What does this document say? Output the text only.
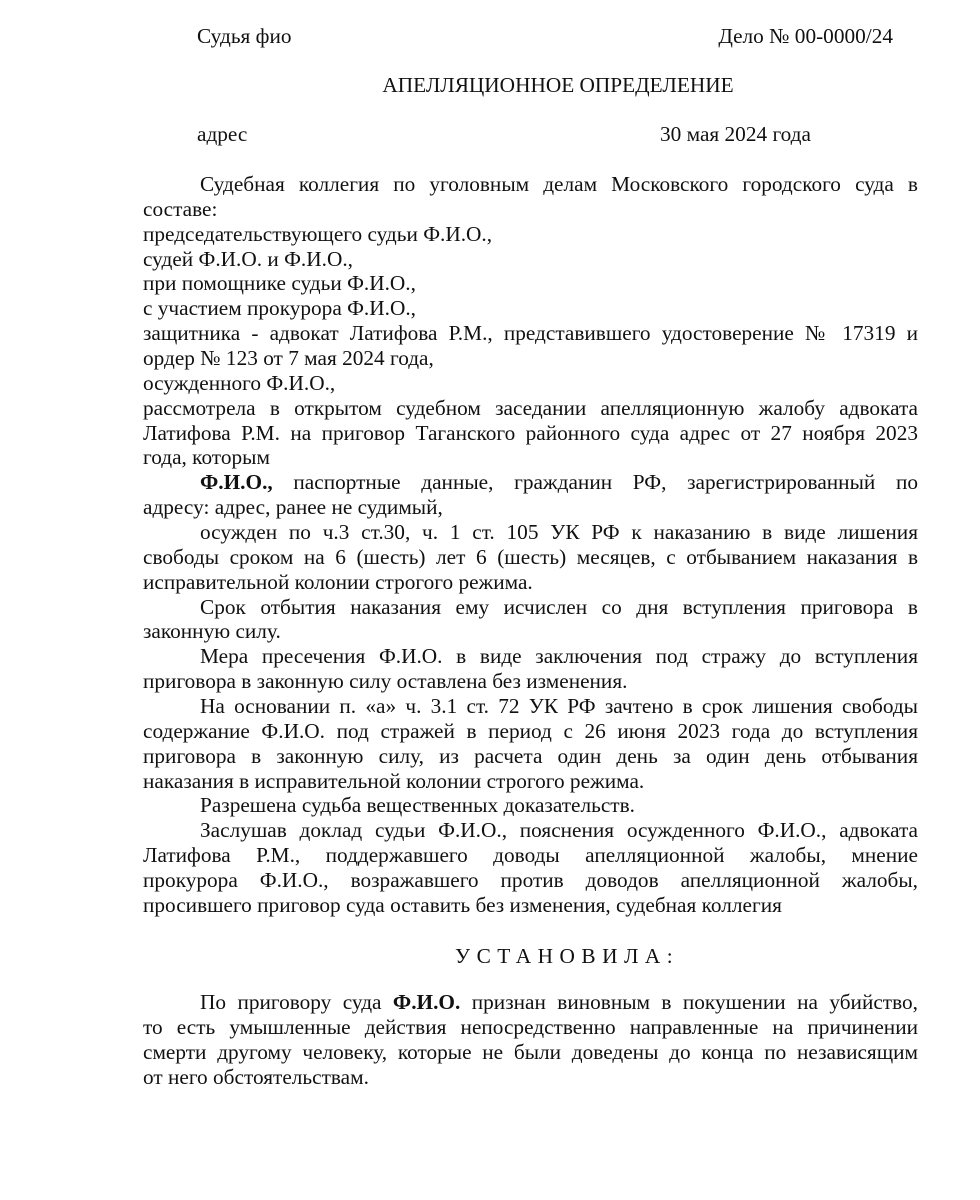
Судья фио	Дело № 00-0000/24
АПЕЛЛЯЦИОННОЕ ОПРЕДЕЛЕНИЕ
адрес	30 мая 2024 года
Судебная коллегия по уголовным делам Московского городского суда в
составе:
председательствующего судьи Ф.И.О.,
судей Ф.И.О. и Ф.И.О.,
при помощнике судьи Ф.И.О.,
с участием прокурора Ф.И.О.,
защитника - адвокат Латифова Р.М., представившего удостоверение № 17319 и
ордер № 123 от 7 мая 2024 года,
осужденного Ф.И.О.,
рассмотрела в открытом судебном заседании апелляционную жалобу адвоката
Латифова Р.М. на приговор Таганского районного суда адрес от 27 ноября 2023
года, которым
Ф.И.О., паспортные данные, гражданин РФ, зарегистрированный по
адресу: адрес, ранее не судимый,
осужден по ч.3 ст.30, ч. 1 ст. 105 УК РФ к наказанию в виде лишения
свободы сроком на 6 (шесть) лет 6 (шесть) месяцев, с отбыванием наказания в
исправительной колонии строгого режима.
Срок отбытия наказания ему исчислен со дня вступления приговора в
законную силу.
Мера пресечения Ф.И.О. в виде заключения под стражу до вступления
приговора в законную силу оставлена без изменения.
На основании п. «а» ч. 3.1 ст. 72 УК РФ зачтено в срок лишения свободы
содержание Ф.И.О. под стражей в период с 26 июня 2023 года до вступления
приговора в законную силу, из расчета один день за один день отбывания
наказания в исправительной колонии строгого режима.
Разрешена судьба вещественных доказательств.
Заслушав доклад судьи Ф.И.О., пояснения осужденного Ф.И.О., адвоката
Латифова Р.М., поддержавшего доводы апелляционной жалобы, мнение
прокурора Ф.И.О., возражавшего против доводов апелляционной жалобы,
просившего приговор суда оставить без изменения, судебная коллегия
УСТАНОВИЛА:
По приговору суда Ф.И.О. признан виновным в покушении на убийство,
то есть умышленные действия непосредственно направленные на причинении
смерти другому человеку, которые не были доведены до конца по независящим
от него обстоятельствам.
